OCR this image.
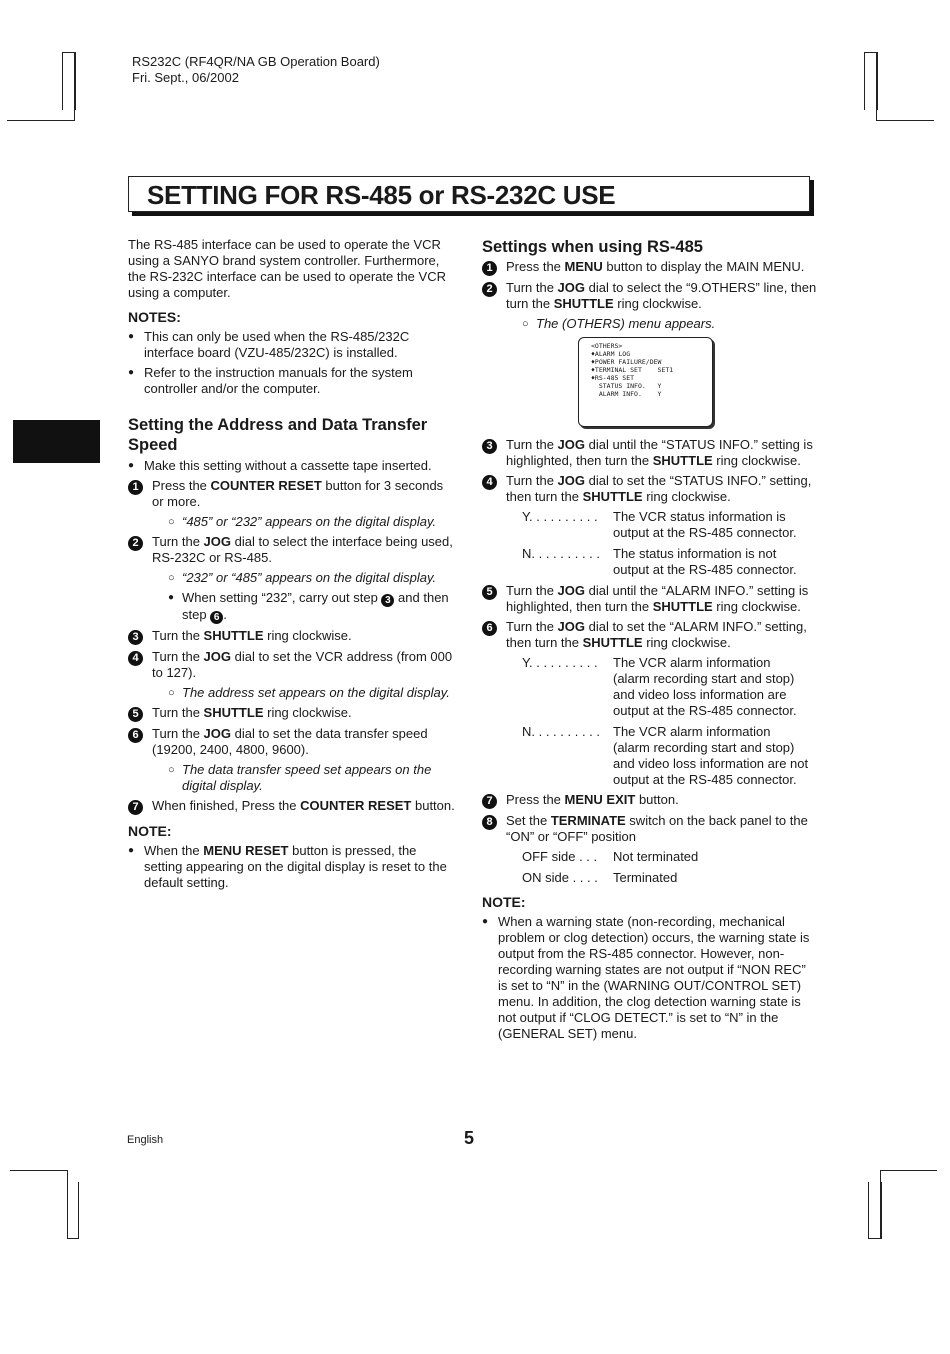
RS232C (RF4QR/NA GB Operation Board)
Fri. Sept., 06/2002
SETTING FOR RS-485 or RS-232C USE

The RS-485 interface can be used to operate the VCR using a SANYO brand system controller. Furthermore, the RS-232C interface can be used to operate the VCR using a computer.

NOTES:

● This can only be used when the RS-485/232C interface board (VZU-485/232C) is installed.
● Refer to the instruction manuals for the system controller and/or the computer.

Setting the Address and Data Transfer Speed

● Make this setting without a cassette tape inserted.
1	Press the COUNTER RESET button for 3 seconds or more.
○ “485” or “232” appears on the digital display.
2	Turn the JOG dial to select the interface being used, RS-232C or RS-485.
○ “232” or “485” appears on the digital display.
● When setting “232”, carry out step 3 and then step 6 .
3	Turn the SHUTTLE ring clockwise.
4	Turn the JOG dial to set the VCR address (from 000 to 127).
○ The address set appears on the digital display.
5	Turn the SHUTTLE ring clockwise.
6	Turn the JOG dial to set the data transfer speed (19200, 2400, 4800, 9600).
○ The data transfer speed set appears on the digital display.
7	When finished, Press the COUNTER RESET button.

NOTE:

● When the MENU RESET button is pressed, the setting appearing on the digital display is reset to the default setting.

Settings when using RS-485

1	Press the MENU button to display the MAIN MENU.
2	Turn the JOG dial to select the “9.OTHERS” line, then turn the SHUTTLE ring clockwise.
○ The (OTHERS) menu appears.
<OTHERS>
♦ALARM LOG
♦POWER FAILURE/DEW
♦TERMINAL SET    SET1
♦RS-485 SET
STATUS INFO.   Y
ALARM INFO.    Y
3	Turn the JOG dial until the “STATUS INFO.” setting is highlighted, then turn the SHUTTLE ring clockwise.
4	Turn the JOG dial to set the “STATUS INFO.” setting, then turn the SHUTTLE ring clockwise.
Y. . . . . . . . . .	The VCR status information is output at the RS-485 connector.
N. . . . . . . . . . The status information is not output at the RS-485 connector.
5	Turn the JOG dial until the “ALARM INFO.” setting is highlighted, then turn the SHUTTLE ring clockwise.
6	Turn the JOG dial to set the “ALARM INFO.” setting, then turn the SHUTTLE ring clockwise.
Y. . . . . . . . . .	The VCR alarm information (alarm recording start and stop) and video loss information are output at the RS-485 connector.
N. . . . . . . . . . The VCR alarm information (alarm recording start and stop) and video loss information are not output at the RS-485 connector.
7	Press the MENU EXIT button.
8	Set the TERMINATE switch on the back panel to the “ON” or “OFF” position
OFF side . . .	Not terminated
ON side . . . .	Terminated

NOTE:

● When a warning state (non-recording, mechanical problem or clog detection) occurs, the warning state is output from the RS-485 connector. However, non-recording warning states are not output if “NON REC” is set to “N” in the (WARNING OUT/CONTROL SET) menu. In addition, the clog detection warning state is not output if “CLOG DETECT.” is set to “N” in the (GENERAL SET) menu.
English	5
